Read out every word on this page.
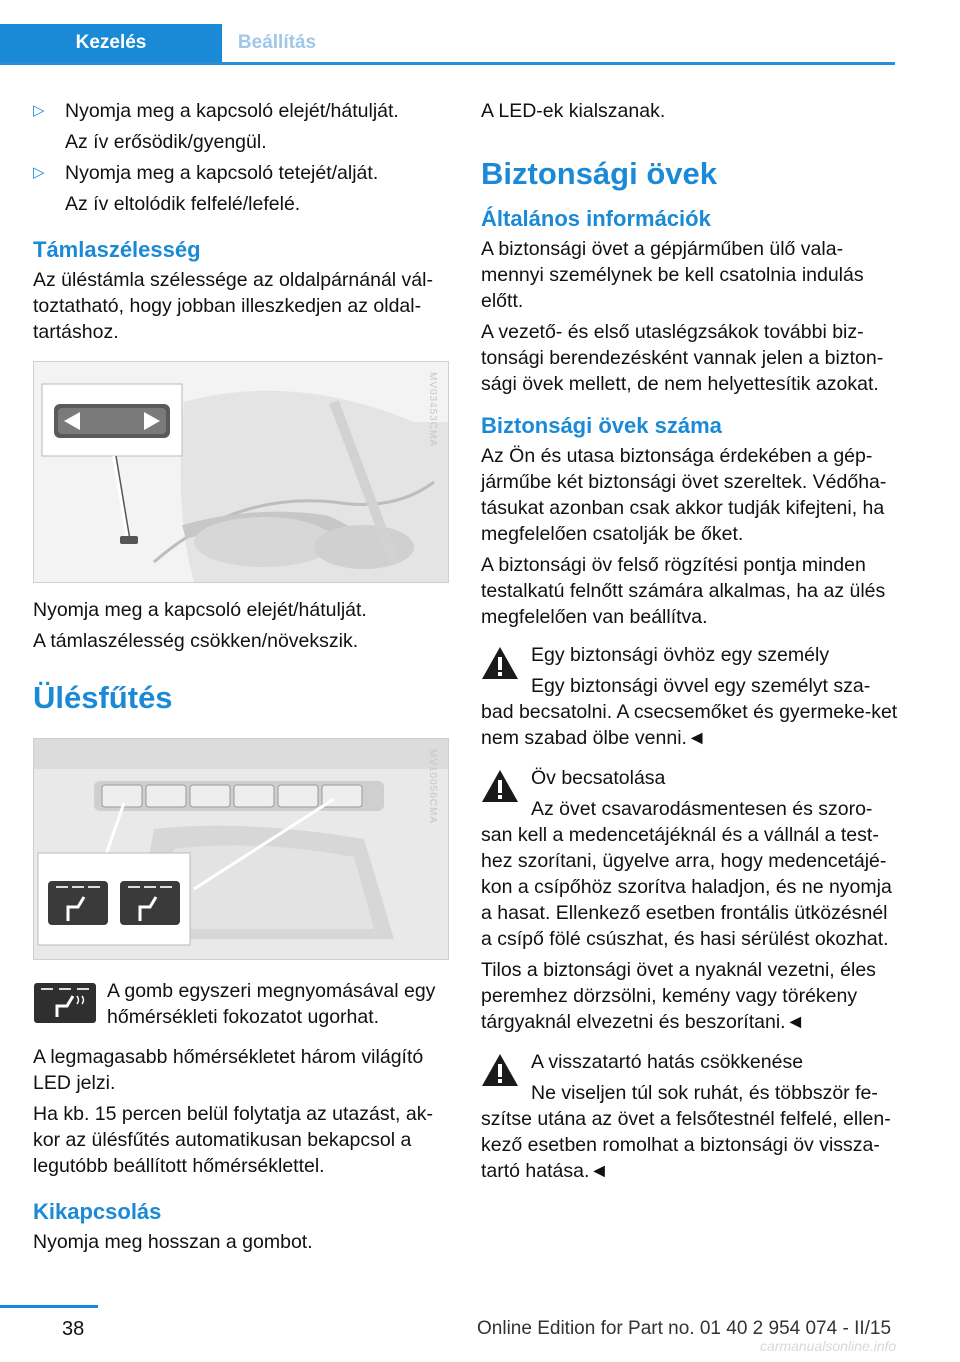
Kezelés	Beállítás
▷ Nyomja meg a kapcsoló elejét/hátulját.
Az ív erősödik/gyengül.
▷ Nyomja meg a kapcsoló tetejét/alját.
Az ív eltolódik felfelé/lefelé.
Támlaszélesség

Az üléstámla szélessége az oldalpárnánál vál-toztatható, hogy jobban illeszkedjen az oldal-tartáshoz.

MV03453CMA

Nyomja meg a kapcsoló elejét/hátulját.

A támlaszélesség csökken/növekszik.

Ülésfűtés
MV10056CMA
A gomb egyszeri megnyomásával egy hőmérsékleti fokozatot ugorhat.

A legmagasabb hőmérsékletet három világító LED jelzi.

Ha kb. 15 percen belül folytatja az utazást, ak-kor az ülésfűtés automatikusan bekapcsol a legutóbb beállított hőmérséklettel.

Kikapcsolás

Nyomja meg hosszan a gombot.

A LED-ek kialszanak.

Biztonsági övek
Általános információk

A biztonsági övet a gépjárműben ülő vala-mennyi személynek be kell csatolnia indulás előtt.

A vezető- és első utaslégzsákok további biz-tonsági berendezésként vannak jelen a bizton-sági övek mellett, de nem helyettesítik azokat.

Biztonsági övek száma

Az Ön és utasa biztonsága érdekében a gép-járműbe két biztonsági övet szereltek. Védőha-tásukat azonban csak akkor tudják kifejteni, ha megfelelően csatolják be őket.

A biztonsági öv felső rögzítési pontja minden testalkatú felnőtt számára alkalmas, ha az ülés megfelelően van beállítva.

Egy biztonsági övhöz egy személy
Egy biztonsági övvel egy személyt sza-bad becsatolni. A csecsemőket és gyermeke-ket nem szabad ölbe venni.◄
Öv becsatolása
Az övet csavarodásmentesen és szoro-san kell a medencetájéknál és a vállnál a test-hez szorítani, ügyelve arra, hogy medencetájé-kon a csípőhöz szorítva haladjon, és ne nyomja a hasat. Ellenkező esetben frontális ütközésnél a csípő fölé csúszhat, és hasi sérülést okozhat.

Tilos a biztonsági övet a nyaknál vezetni, éles peremhez dörzsölni, kemény vagy törékeny tárgyaknál elvezetni és beszorítani.◄

A visszatartó hatás csökkenése
Ne viseljen túl sok ruhát, és többször fe-szítse utána az övet a felsőtestnél felfelé, ellen-kező esetben romolhat a biztonsági öv vissza-tartó hatása.◄
38	Online Edition for Part no. 01 40 2 954 074 - II/15
carmanualsonline.info
